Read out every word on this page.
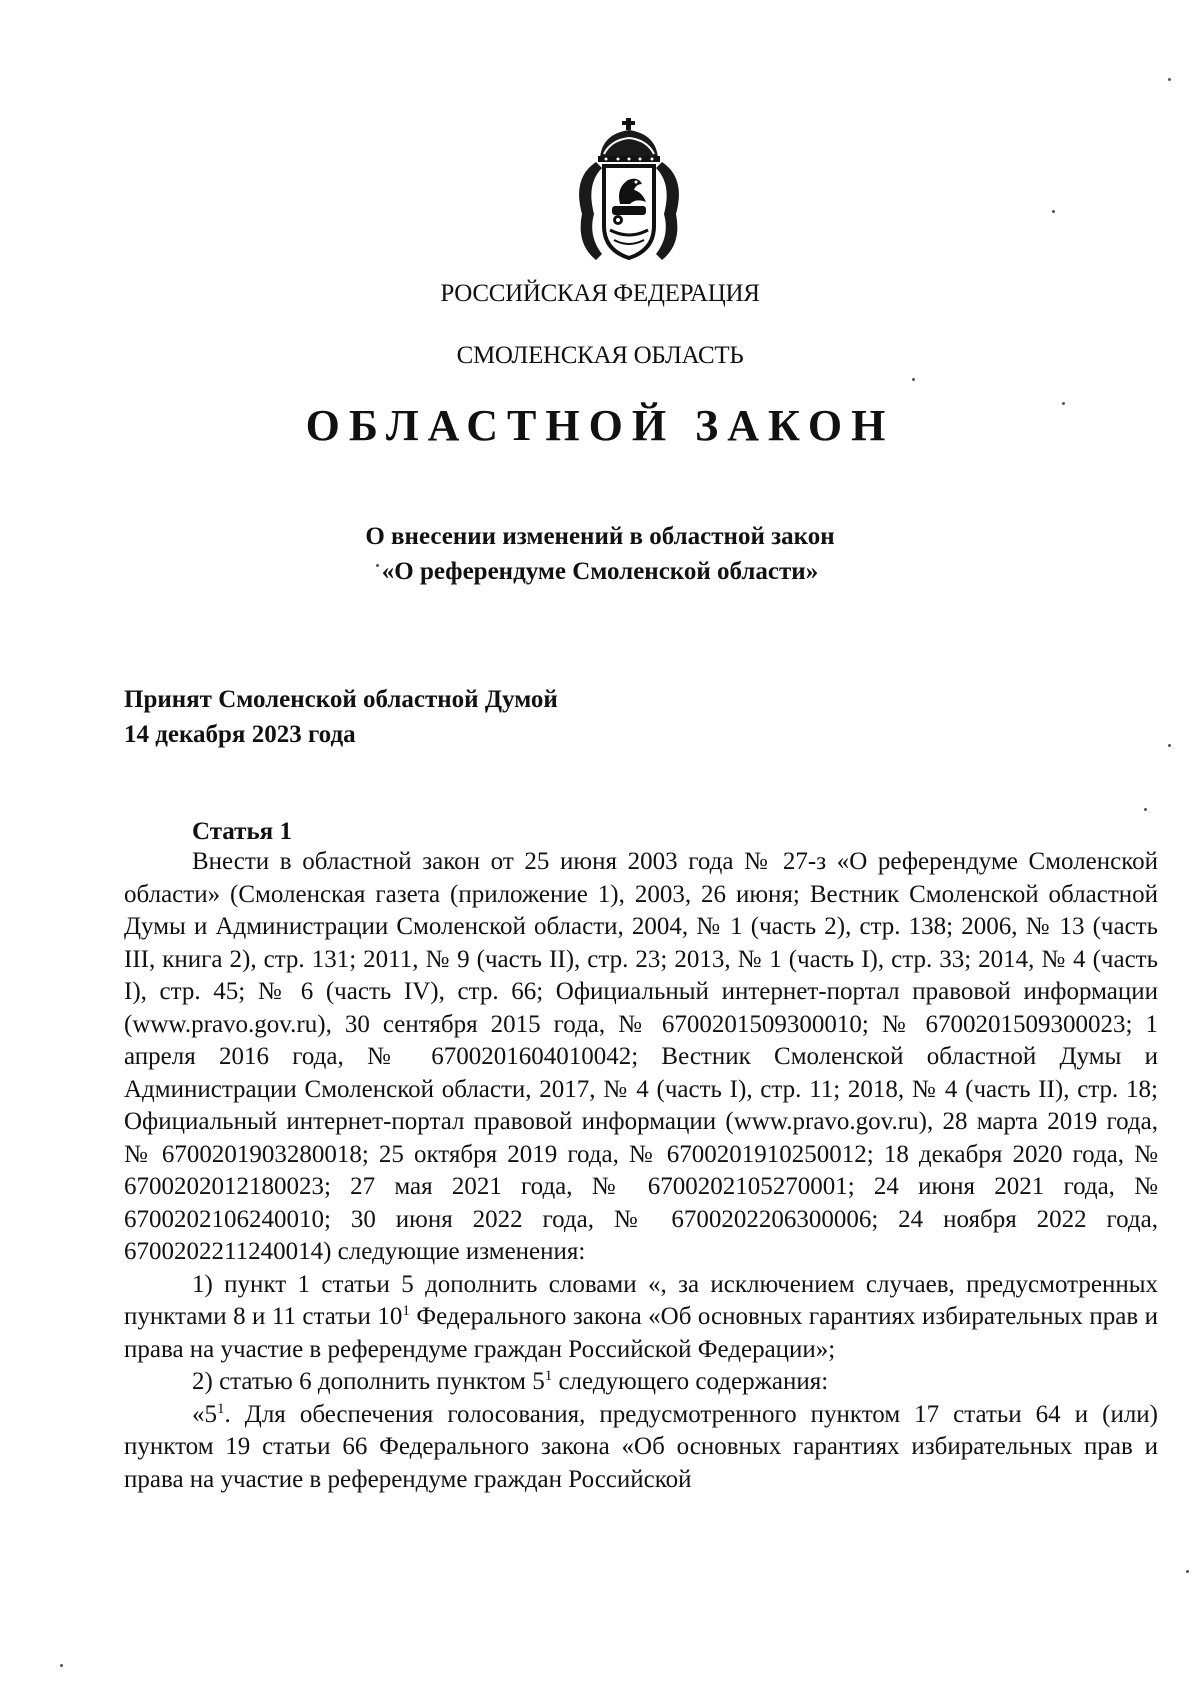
РОССИЙСКАЯ ФЕДЕРАЦИЯ
СМОЛЕНСКАЯ ОБЛАСТЬ
ОБЛАСТНОЙ ЗАКОН
О внесении изменений в областной закон
«О референдуме Смоленской области»
Принят Смоленской областной Думой
14 декабря 2023 года
Статья 1

Внести в областной закон от 25 июня 2003 года № 27-з «О референдуме Смоленской области» (Смоленская газета (приложение 1), 2003, 26 июня; Вестник Смоленской областной Думы и Администрации Смоленской области, 2004, № 1 (часть 2), стр. 138; 2006, № 13 (часть III, книга 2), стр. 131; 2011, № 9 (часть II), стр. 23; 2013, № 1 (часть I), стр. 33; 2014, № 4 (часть I), стр. 45; № 6 (часть IV), стр. 66; Официальный интернет-портал правовой информации (www.pravo.gov.ru), 30 сентября 2015 года, № 6700201509300010; № 6700201509300023; 1 апреля 2016 года, № 6700201604010042; Вестник Смоленской областной Думы и Администрации Смоленской области, 2017, № 4 (часть I), стр. 11; 2018, № 4 (часть II), стр. 18; Официальный интернет-портал правовой информации (www.pravo.gov.ru), 28 марта 2019 года, № 6700201903280018; 25 октября 2019 года, № 6700201910250012; 18 декабря 2020 года, № 6700202012180023; 27 мая 2021 года, № 6700202105270001; 24 июня 2021 года, № 6700202106240010; 30 июня 2022 года, № 6700202206300006; 24 ноября 2022 года, 6700202211240014) следующие изменения:

1) пункт 1 статьи 5 дополнить словами «, за исключением случаев, предусмотренных пунктами 8 и 11 статьи $10^1$ Федерального закона «Об основных гарантиях избирательных прав и права на участие в референдуме граждан Российской Федерации»;

2) статью 6 дополнить пунктом $5^1$ следующего содержания:

«$5^1$. Для обеспечения голосования, предусмотренного пунктом 17 статьи 64 и (или) пунктом 19 статьи 66 Федерального закона «Об основных гарантиях избирательных прав и права на участие в референдуме граждан Российской
